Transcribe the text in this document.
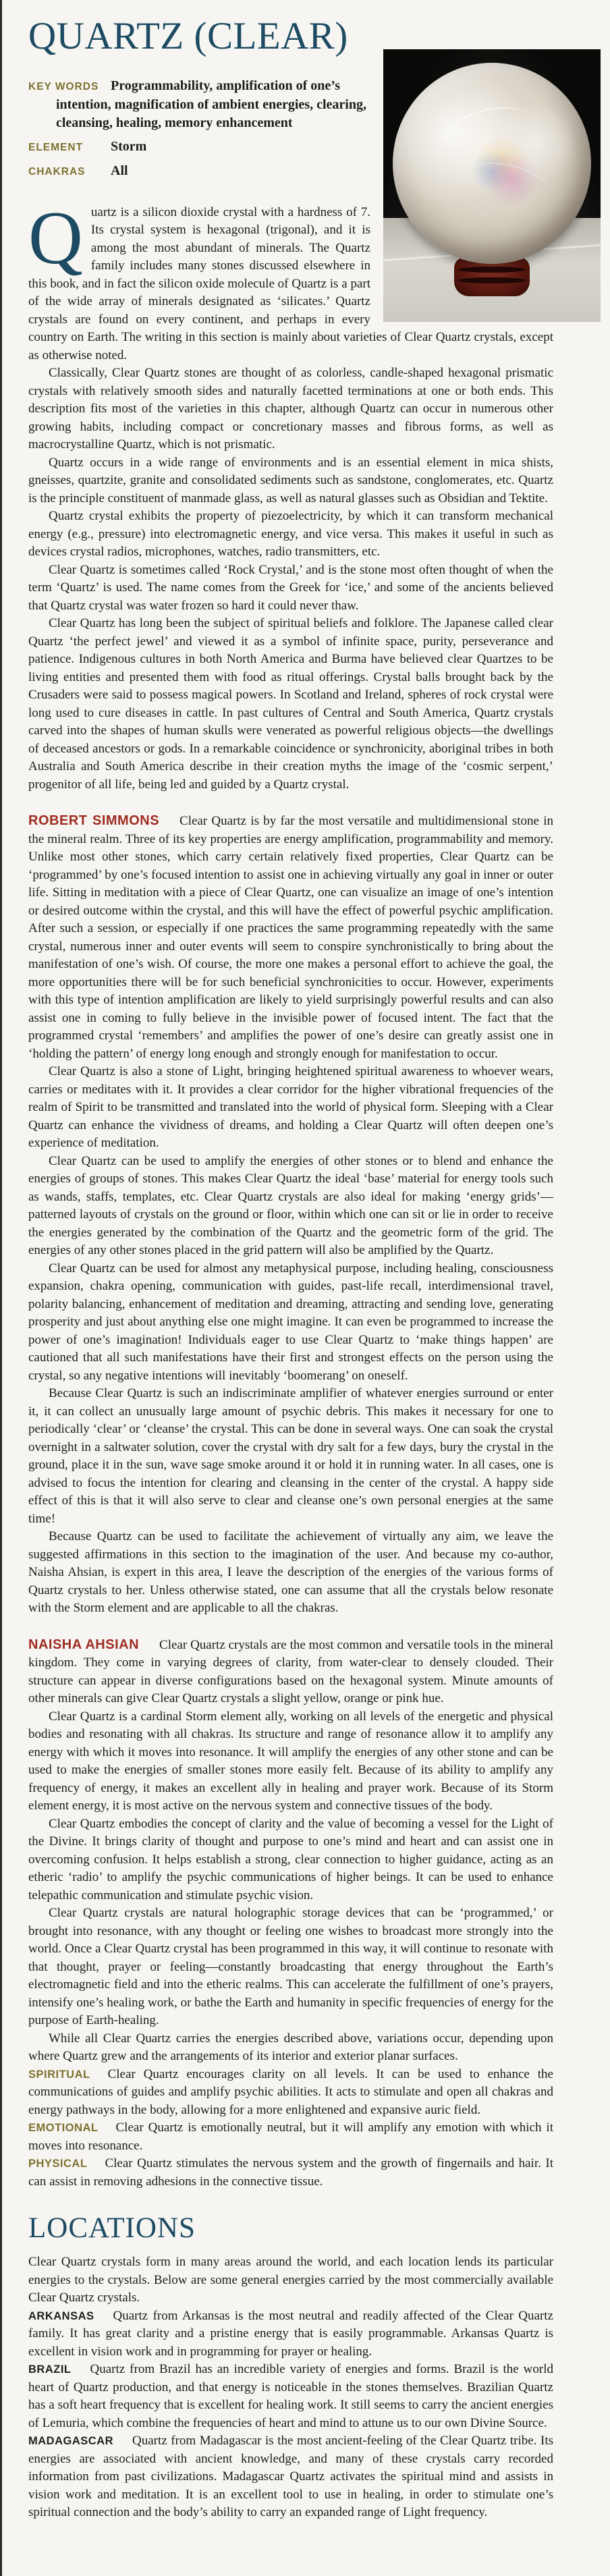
QUARTZ (CLEAR)

KEY WORDS Programmability, amplification of one’s intention, magnification of ambient energies, clearing, cleansing, healing, memory enhancement

ELEMENT Storm

CHAKRAS All

Quartz is a silicon dioxide crystal with a hardness of 7. Its crystal system is hexagonal (trigonal), and it is among the most abundant of minerals. The Quartz family includes many stones discussed elsewhere in this book, and in fact the silicon oxide molecule of Quartz is a part of the wide array of minerals designated as ‘silicates.’ Quartz crystals are found on every continent, and perhaps in every country on Earth. The writing in this section is mainly about varieties of Clear Quartz crystals, except as otherwise noted.

Classically, Clear Quartz stones are thought of as colorless, candle-shaped hexagonal prismatic crystals with relatively smooth sides and naturally facetted terminations at one or both ends. This description fits most of the varieties in this chapter, although Quartz can occur in numerous other growing habits, including compact or concretionary masses and fibrous forms, as well as macrocrystalline Quartz, which is not prismatic.

Quartz occurs in a wide range of environments and is an essential element in mica shists, gneisses, quartzite, granite and consolidated sediments such as sandstone, conglomerates, etc. Quartz is the principle constituent of manmade glass, as well as natural glasses such as Obsidian and Tektite.

Quartz crystal exhibits the property of piezoelectricity, by which it can transform mechanical energy (e.g., pressure) into electromagnetic energy, and vice versa. This makes it useful in such as devices crystal radios, microphones, watches, radio transmitters, etc.

Clear Quartz is sometimes called ‘Rock Crystal,’ and is the stone most often thought of when the term ‘Quartz’ is used. The name comes from the Greek for ‘ice,’ and some of the ancients believed that Quartz crystal was water frozen so hard it could never thaw.

Clear Quartz has long been the subject of spiritual beliefs and folklore. The Japanese called clear Quartz ‘the perfect jewel’ and viewed it as a symbol of infinite space, purity, perseverance and patience. Indigenous cultures in both North America and Burma have believed clear Quartzes to be living entities and presented them with food as ritual offerings. Crystal balls brought back by the Crusaders were said to possess magical powers. In Scotland and Ireland, spheres of rock crystal were long used to cure diseases in cattle. In past cultures of Central and South America, Quartz crystals carved into the shapes of human skulls were venerated as powerful religious objects—the dwellings of deceased ancestors or gods. In a remarkable coincidence or synchronicity, aboriginal tribes in both Australia and South America describe in their creation myths the image of the ‘cosmic serpent,’ progenitor of all life, being led and guided by a Quartz crystal.

ROBERT SIMMONS Clear Quartz is by far the most versatile and multidimensional stone in the mineral realm. Three of its key properties are energy amplification, programmability and memory. Unlike most other stones, which carry certain relatively fixed properties, Clear Quartz can be ‘programmed’ by one’s focused intention to assist one in achieving virtually any goal in inner or outer life. Sitting in meditation with a piece of Clear Quartz, one can visualize an image of one’s intention or desired outcome within the crystal, and this will have the effect of powerful psychic amplification. After such a session, or especially if one practices the same programming repeatedly with the same crystal, numerous inner and outer events will seem to conspire synchronistically to bring about the manifestation of one’s wish. Of course, the more one makes a personal effort to achieve the goal, the more opportunities there will be for such beneficial synchronicities to occur. However, experiments with this type of intention amplification are likely to yield surprisingly powerful results and can also assist one in coming to fully believe in the invisible power of focused intent. The fact that the programmed crystal ‘remembers’ and amplifies the power of one’s desire can greatly assist one in ‘holding the pattern’ of energy long enough and strongly enough for manifestation to occur.

Clear Quartz is also a stone of Light, bringing heightened spiritual awareness to whoever wears, carries or meditates with it. It provides a clear corridor for the higher vibrational frequencies of the realm of Spirit to be transmitted and translated into the world of physical form. Sleeping with a Clear Quartz can enhance the vividness of dreams, and holding a Clear Quartz will often deepen one’s experience of meditation.

Clear Quartz can be used to amplify the energies of other stones or to blend and enhance the energies of groups of stones. This makes Clear Quartz the ideal ‘base’ material for energy tools such as wands, staffs, templates, etc. Clear Quartz crystals are also ideal for making ‘energy grids’—patterned layouts of crystals on the ground or floor, within which one can sit or lie in order to receive the energies generated by the combination of the Quartz and the geometric form of the grid. The energies of any other stones placed in the grid pattern will also be amplified by the Quartz.

Clear Quartz can be used for almost any metaphysical purpose, including healing, consciousness expansion, chakra opening, communication with guides, past-life recall, interdimensional travel, polarity balancing, enhancement of meditation and dreaming, attracting and sending love, generating prosperity and just about anything else one might imagine. It can even be programmed to increase the power of one’s imagination! Individuals eager to use Clear Quartz to ‘make things happen’ are cautioned that all such manifestations have their first and strongest effects on the person using the crystal, so any negative intentions will inevitably ‘boomerang’ on oneself.

Because Clear Quartz is such an indiscriminate amplifier of whatever energies surround or enter it, it can collect an unusually large amount of psychic debris. This makes it necessary for one to periodically ‘clear’ or ‘cleanse’ the crystal. This can be done in several ways. One can soak the crystal overnight in a saltwater solution, cover the crystal with dry salt for a few days, bury the crystal in the ground, place it in the sun, wave sage smoke around it or hold it in running water. In all cases, one is advised to focus the intention for clearing and cleansing in the center of the crystal. A happy side effect of this is that it will also serve to clear and cleanse one’s own personal energies at the same time!

Because Quartz can be used to facilitate the achievement of virtually any aim, we leave the suggested affirmations in this section to the imagination of the user. And because my co-author, Naisha Ahsian, is expert in this area, I leave the description of the energies of the various forms of Quartz crystals to her. Unless otherwise stated, one can assume that all the crystals below resonate with the Storm element and are applicable to all the chakras.

NAISHA AHSIAN Clear Quartz crystals are the most common and versatile tools in the mineral kingdom. They come in varying degrees of clarity, from water-clear to densely clouded. Their structure can appear in diverse configurations based on the hexagonal system. Minute amounts of other minerals can give Clear Quartz crystals a slight yellow, orange or pink hue.

Clear Quartz is a cardinal Storm element ally, working on all levels of the energetic and physical bodies and resonating with all chakras. Its structure and range of resonance allow it to amplify any energy with which it moves into resonance. It will amplify the energies of any other stone and can be used to make the energies of smaller stones more easily felt. Because of its ability to amplify any frequency of energy, it makes an excellent ally in healing and prayer work. Because of its Storm element energy, it is most active on the nervous system and connective tissues of the body.

Clear Quartz embodies the concept of clarity and the value of becoming a vessel for the Light of the Divine. It brings clarity of thought and purpose to one’s mind and heart and can assist one in overcoming confusion. It helps establish a strong, clear connection to higher guidance, acting as an etheric ‘radio’ to amplify the psychic communications of higher beings. It can be used to enhance telepathic communication and stimulate psychic vision.

Clear Quartz crystals are natural holographic storage devices that can be ‘programmed,’ or brought into resonance, with any thought or feeling one wishes to broadcast more strongly into the world. Once a Clear Quartz crystal has been programmed in this way, it will continue to resonate with that thought, prayer or feeling—constantly broadcasting that energy throughout the Earth’s electromagnetic field and into the etheric realms. This can accelerate the fulfillment of one’s prayers, intensify one’s healing work, or bathe the Earth and humanity in specific frequencies of energy for the purpose of Earth-healing.

While all Clear Quartz carries the energies described above, variations occur, depending upon where Quartz grew and the arrangements of its interior and exterior planar surfaces.

SPIRITUAL Clear Quartz encourages clarity on all levels. It can be used to enhance the communications of guides and amplify psychic abilities. It acts to stimulate and open all chakras and energy pathways in the body, allowing for a more enlightened and expansive auric field.

EMOTIONAL Clear Quartz is emotionally neutral, but it will amplify any emotion with which it moves into resonance.

PHYSICAL Clear Quartz stimulates the nervous system and the growth of fingernails and hair. It can assist in removing adhesions in the connective tissue.

LOCATIONS

Clear Quartz crystals form in many areas around the world, and each location lends its particular energies to the crystals. Below are some general energies carried by the most commercially available Clear Quartz crystals.

ARKANSAS Quartz from Arkansas is the most neutral and readily affected of the Clear Quartz family. It has great clarity and a pristine energy that is easily programmable. Arkansas Quartz is excellent in vision work and in programming for prayer or healing.

BRAZIL Quartz from Brazil has an incredible variety of energies and forms. Brazil is the world heart of Quartz production, and that energy is noticeable in the stones themselves. Brazilian Quartz has a soft heart frequency that is excellent for healing work. It still seems to carry the ancient energies of Lemuria, which combine the frequencies of heart and mind to attune us to our own Divine Source.

MADAGASCAR Quartz from Madagascar is the most ancient-feeling of the Clear Quartz tribe. Its energies are associated with ancient knowledge, and many of these crystals carry recorded information from past civilizations. Madagascar Quartz activates the spiritual mind and assists in vision work and meditation. It is an excellent tool to use in healing, in order to stimulate one’s spiritual connection and the body’s ability to carry an expanded range of Light frequency.
